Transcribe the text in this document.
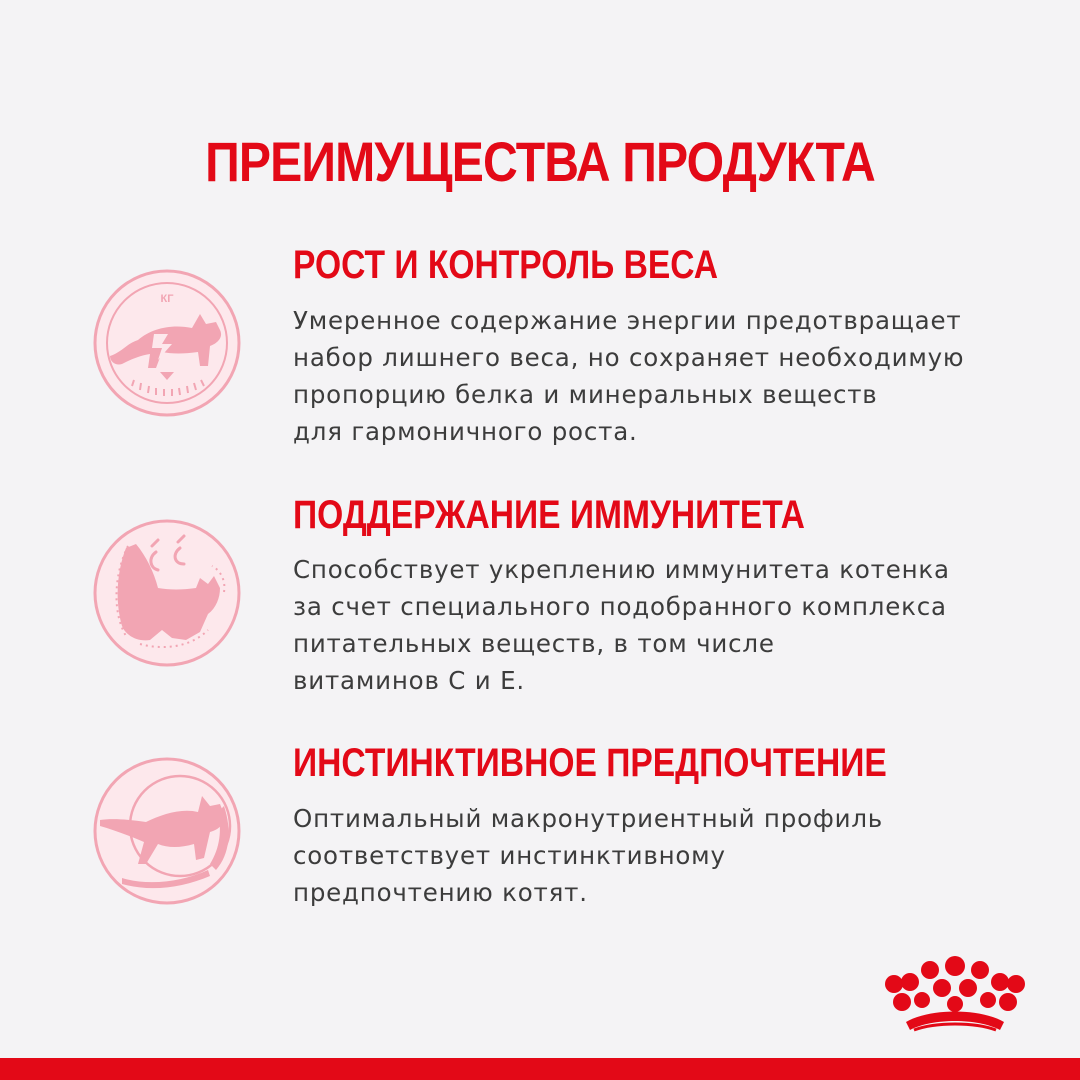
ПРЕИМУЩЕСТВА ПРОДУКТА
КГ
РОСТ И КОНТРОЛЬ ВЕСА

Умеренное содержание энергии предотвращает
набор лишнего веса, но сохраняет необходимую
пропорцию белка и минеральных веществ
для гармоничного роста.

ПОДДЕРЖАНИЕ ИММУНИТЕТА

Способствует укреплению иммунитета котенка
за счет специального подобранного комплекса
питательных веществ, в том числе
витаминов С и Е.

ИНСТИНКТИВНОЕ ПРЕДПОЧТЕНИЕ

Оптимальный макронутриентный профиль
соответствует инстинктивному
предпочтению котят.
